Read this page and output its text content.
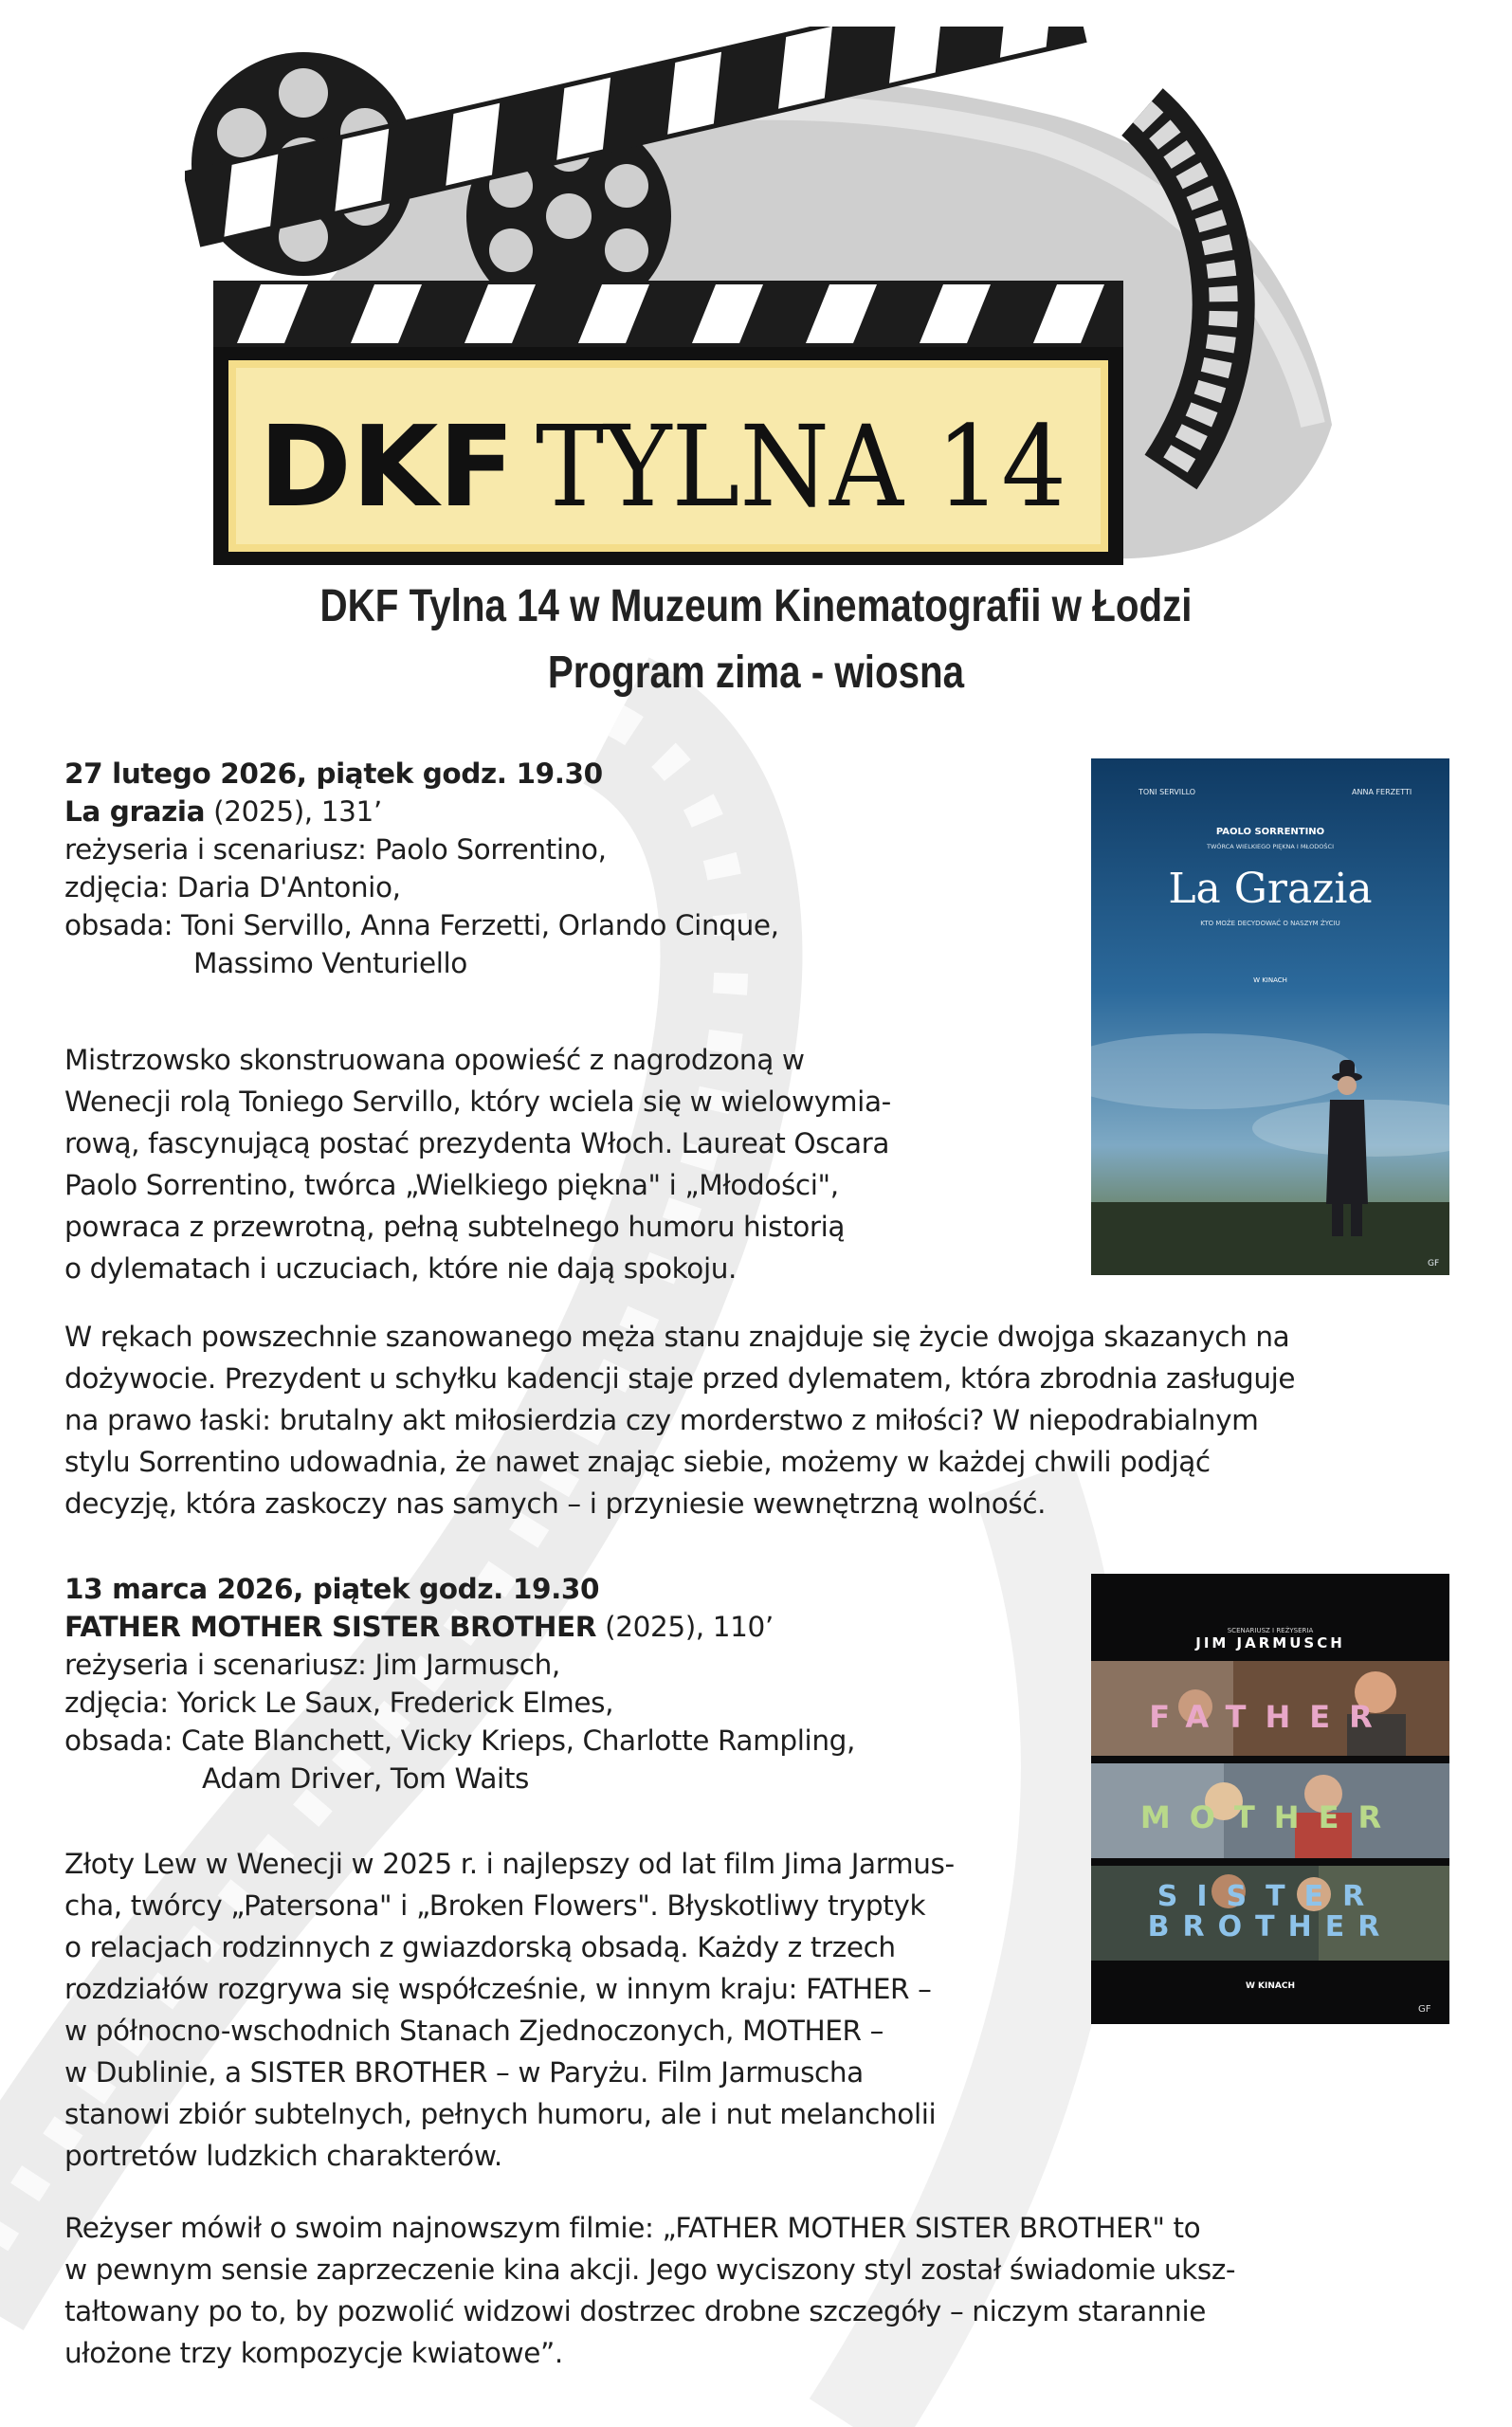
DKF TYLNA 14
DKF Tylna 14 w Muzeum Kinematografii w Łodzi
Program zima - wiosna

27 lutego 2026, piątek godz. 19.30

La grazia (2025), 131’

reżyseria i scenariusz: Paolo Sorrentino,

zdjęcia: Daria D'Antonio,

obsada: Toni Servillo, Anna Ferzetti, Orlando Cinque,

Massimo Venturiello

Mistrzowsko skonstruowana opowieść z nagrodzoną w
Wenecji rolą Toniego Servillo, który wciela się w wielowymia-
rową, fascynującą postać prezydenta Włoch. Laureat Oscara
Paolo Sorrentino, twórca „Wielkiego piękna" i „Młodości",
powraca z przewrotną, pełną subtelnego humoru historią
o dylematach i uczuciach, które nie dają spokoju.
W rękach powszechnie szanowanego męża stanu znajduje się życie dwojga skazanych na
dożywocie. Prezydent u schyłku kadencji staje przed dylematem, która zbrodnia zasługuje
na prawo łaski: brutalny akt miłosierdzia czy morderstwo z miłości? W niepodrabialnym
stylu Sorrentino udowadnia, że nawet znając siebie, możemy w każdej chwili podjąć
decyzję, która zaskoczy nas samych – i przyniesie wewnętrzną wolność.
TONI SERVILLO	ANNA FERZETTI
PAOLO SORRENTINO
TWÓRCA WIELKIEGO PIĘKNA I MŁODOŚCI
La Grazia
KTO MOŻE DECYDOWAĆ O NASZYM ŻYCIU
W KINACH
GF

13 marca 2026, piątek godz. 19.30

FATHER MOTHER SISTER BROTHER (2025), 110’

reżyseria i scenariusz: Jim Jarmusch,

zdjęcia: Yorick Le Saux, Frederick Elmes,

obsada: Cate Blanchett, Vicky Krieps, Charlotte Rampling,

Adam Driver, Tom Waits

Złoty Lew w Wenecji w 2025 r. i najlepszy od lat film Jima Jarmus-
cha, twórcy „Patersona" i „Broken Flowers". Błyskotliwy tryptyk
o relacjach rodzinnych z gwiazdorską obsadą. Każdy z trzech
rozdziałów rozgrywa się współcześnie, w innym kraju: FATHER –
w północno-wschodnich Stanach Zjednoczonych, MOTHER –
w Dublinie, a SISTER BROTHER – w Paryżu. Film Jarmuscha
stanowi zbiór subtelnych, pełnych humoru, ale i nut melancholii
portretów ludzkich charakterów.
Reżyser mówił o swoim najnowszym filmie: „FATHER MOTHER SISTER BROTHER" to
w pewnym sensie zaprzeczenie kina akcji. Jego wyciszony styl został świadomie uksz-
tałtowany po to, by pozwolić widzowi dostrzec drobne szczegóły – niczym starannie
ułożone trzy kompozycje kwiatowe”.
SCENARIUSZ I REŻYSERIA
JIM JARMUSCH
FATHER
MOTHER
SISTER
BROTHER
W KINACH
GF
